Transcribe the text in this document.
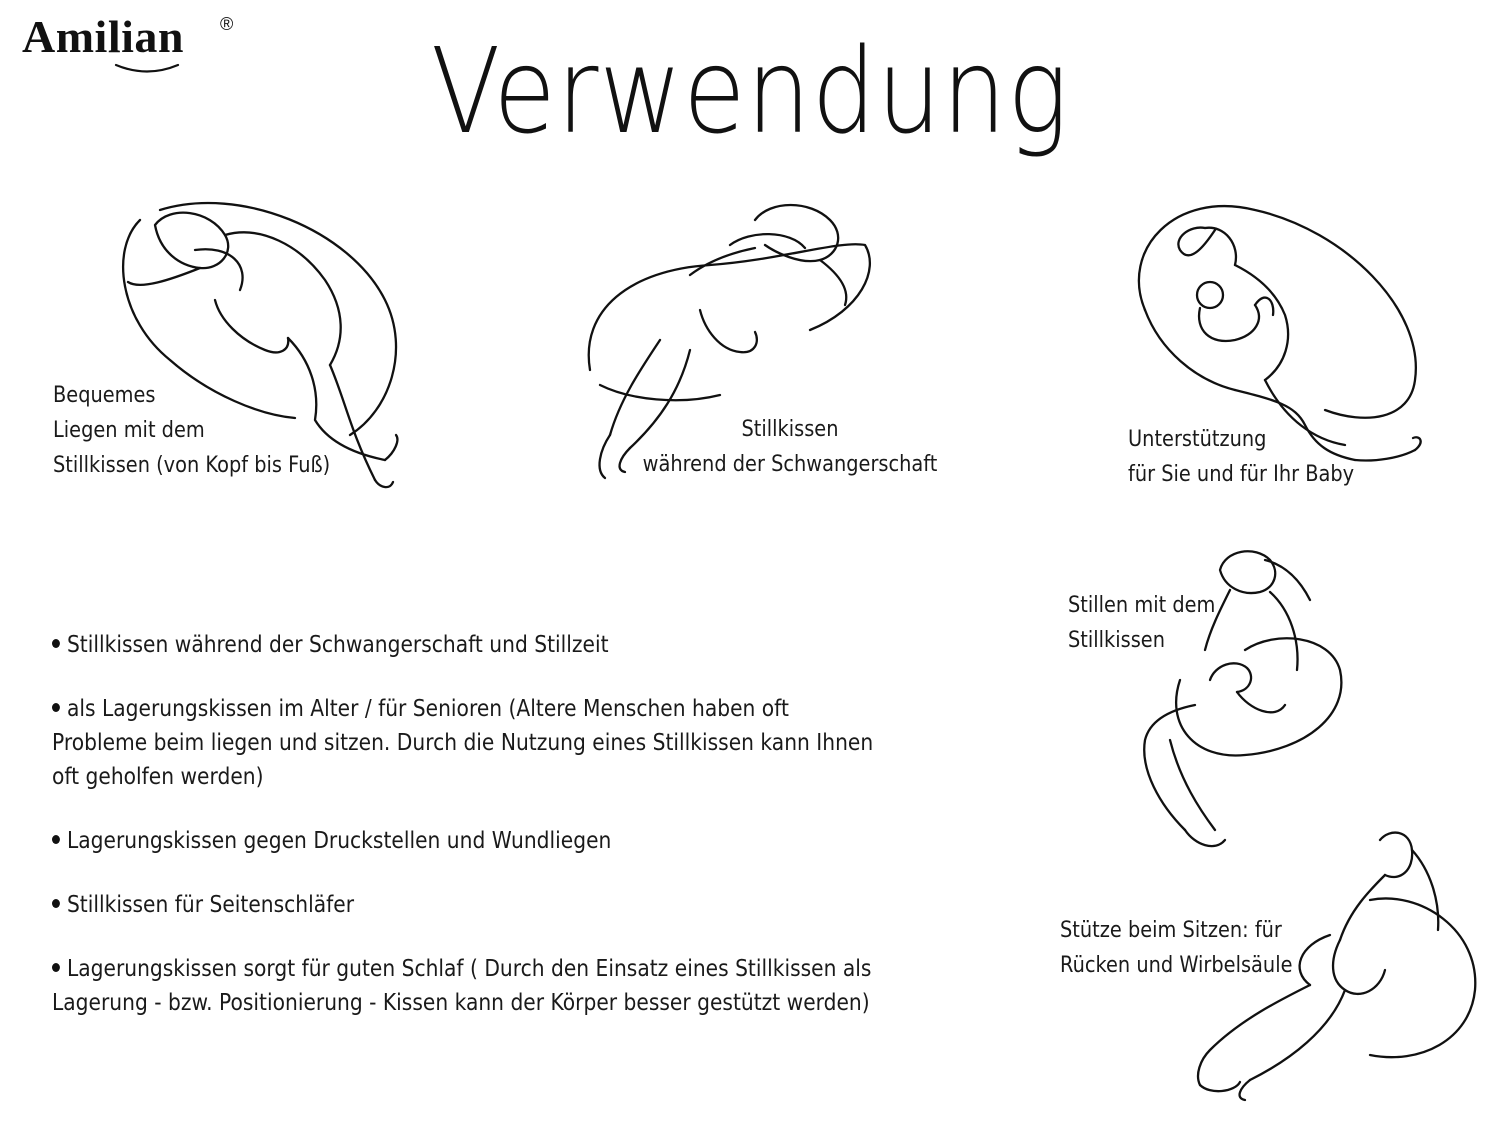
Amilian ®	Verwendung

Bequemes
Liegen mit dem
Stillkissen (von Kopf bis Fuß)

Stillkissen
während der Schwangerschaft

Unterstützung
für Sie und für Ihr Baby

Stillen mit dem
Stillkissen

Stütze beim Sitzen: für
Rücken und Wirbelsäule

Stillkissen während der Schwangerschaft und Stillzeit
als Lagerungskissen im Alter / für Senioren (Altere Menschen haben oft Probleme beim liegen und sitzen. Durch die Nutzung eines Stillkissen kann Ihnen oft geholfen werden)
Lagerungskissen gegen Druckstellen und Wundliegen
Stillkissen für Seitenschläfer
Lagerungskissen sorgt für guten Schlaf ( Durch den Einsatz eines Stillkissen als Lagerung - bzw. Positionierung - Kissen kann der Körper besser gestützt werden)
